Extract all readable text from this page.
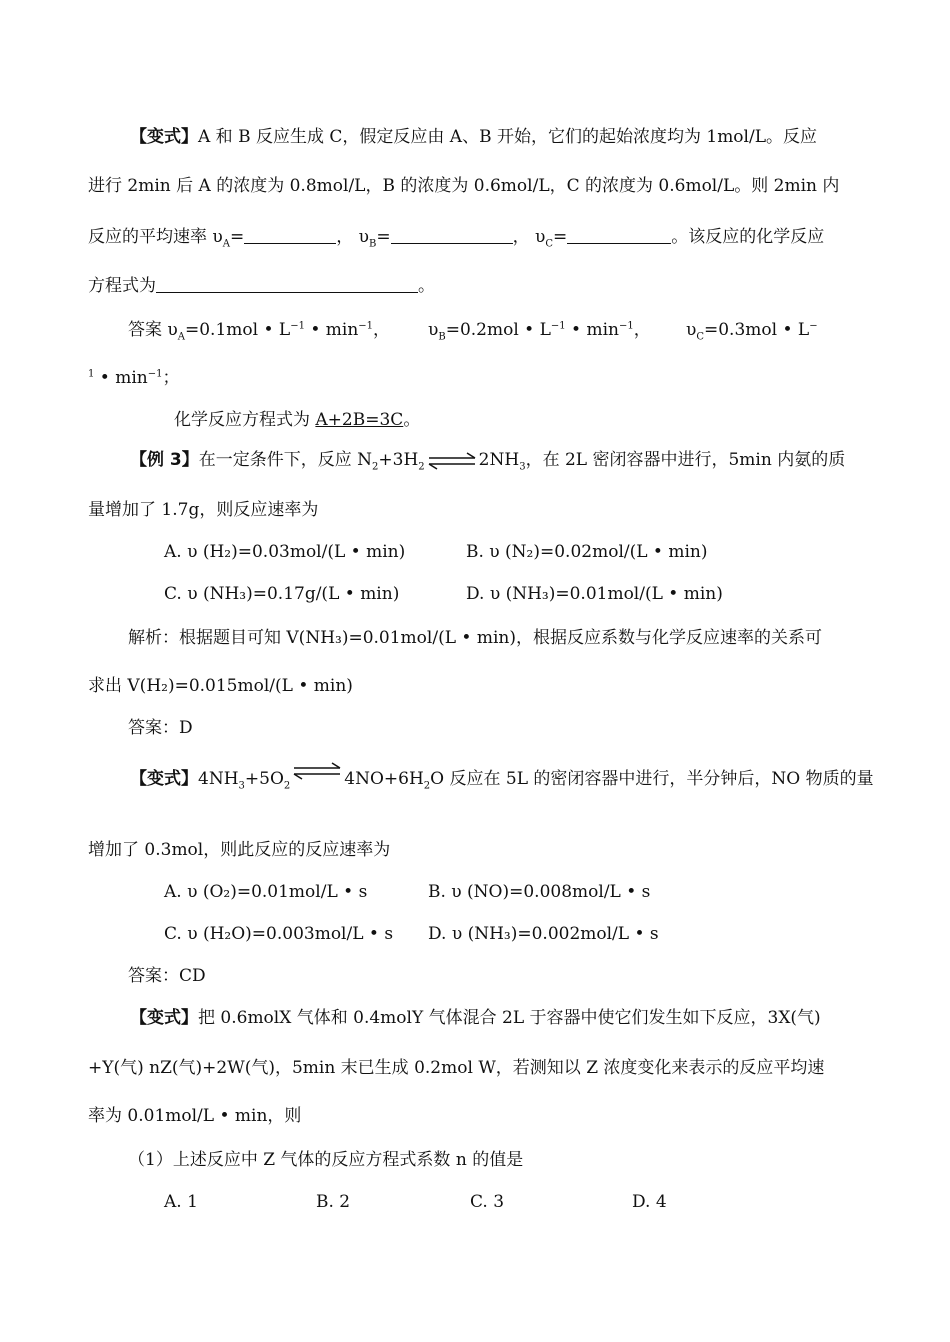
【变式】A 和 B 反应生成 C，假定反应由 A、B 开始，它们的起始浓度均为 1mol/L。反应
进行 2min 后 A 的浓度为 0.8mol/L，B 的浓度为 0.6mol/L，C 的浓度为 0.6mol/L。则 2min 内
反应的平均速率 $\upsilon_A=$	， $\upsilon_B=$	， $\upsilon_C=$	。该反应的化学反应
方程式为	。
答案 $\upsilon_A=0.1mol$ • $L^{-1}$ • $\min^{-1}$， $\upsilon_B=0.2mol$ • $L^{-1}$ • $\min^{-1}$， $\upsilon_C=0.3mol$ • L−
$^1$ • $\min^{-1}$；
化学反应方程式为 A+2B=3C。
【例 3】在一定条件下，反应 $N_2+3H_2$ ⇌ $2NH_3$，在 2L 密闭容器中进行，5min 内氨的质
量增加了 1.7g，则反应速率为
A. υ (H₂)=0.03mol/(L • min)	B. υ (N₂)=0.02mol/(L • min)
C. υ (NH₃)=0.17g/(L • min)	D. υ (NH₃)=0.01mol/(L • min)
解析：根据题目可知 V(NH₃)=0.01mol/(L • min)，根据反应系数与化学反应速率的关系可
求出 V(H₂)=0.015mol/(L • min)
答案：D
【变式】$4NH_3+5O_2$ ⇌ $4NO+6H_2O$ 反应在 5L 的密闭容器中进行，半分钟后，NO 物质的量
增加了 0.3mol，则此反应的反应速率为
A. υ (O₂)=0.01mol/L • s	B. υ (NO)=0.008mol/L • s
C. υ (H₂O)=0.003mol/L • s D. υ (NH₃)=0.002mol/L • s
答案：CD
【变式】把 0.6molX 气体和 0.4molY 气体混合 2L 于容器中使它们发生如下反应，3X(气)
+Y(气) nZ(气)+2W(气)，5min 末已生成 0.2mol W，若测知以 Z 浓度变化来表示的反应平均速
率为 0.01mol/L • min，则
（1）上述反应中 Z 气体的反应方程式系数 n 的值是
A. 1	B. 2	C. 3	D. 4
